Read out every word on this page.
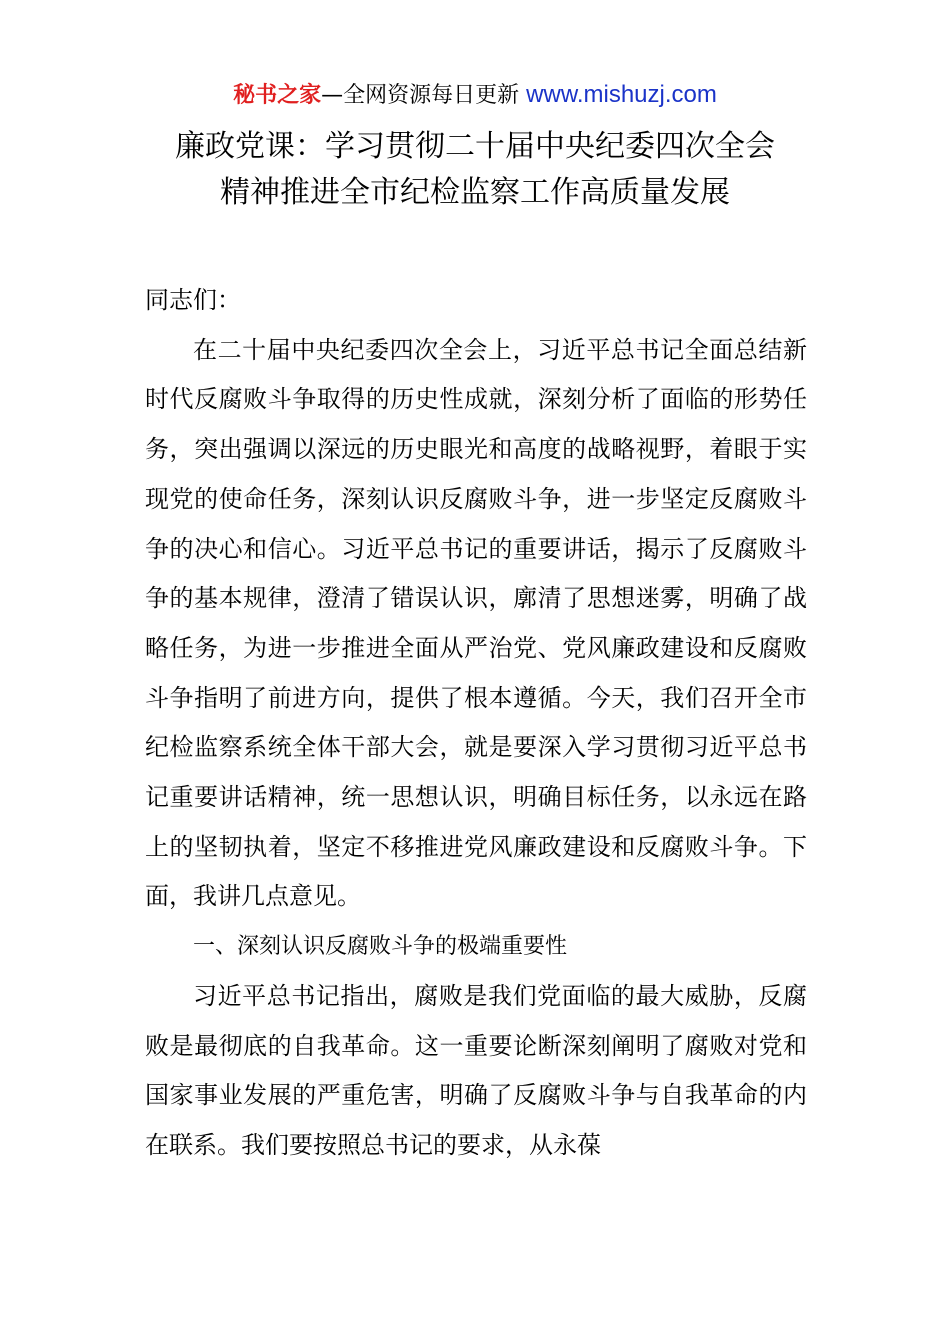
秘书之家—全网资源每日更新 www.mishuzj.com
廉政党课：学习贯彻二十届中央纪委四次全会
精神推进全市纪检监察工作高质量发展

同志们：

在二十届中央纪委四次全会上，习近平总书记全面总结新时代反腐败斗争取得的历史性成就，深刻分析了面临的形势任务，突出强调以深远的历史眼光和高度的战略视野，着眼于实现党的使命任务，深刻认识反腐败斗争，进一步坚定反腐败斗争的决心和信心。习近平总书记的重要讲话，揭示了反腐败斗争的基本规律，澄清了错误认识，廓清了思想迷雾，明确了战略任务，为进一步推进全面从严治党、党风廉政建设和反腐败斗争指明了前进方向，提供了根本遵循。今天，我们召开全市纪检监察系统全体干部大会，就是要深入学习贯彻习近平总书记重要讲话精神，统一思想认识，明确目标任务，以永远在路上的坚韧执着，坚定不移推进党风廉政建设和反腐败斗争。下面，我讲几点意见。

一、深刻认识反腐败斗争的极端重要性

习近平总书记指出，腐败是我们党面临的最大威胁，反腐败是最彻底的自我革命。这一重要论断深刻阐明了腐败对党和国家事业发展的严重危害，明确了反腐败斗争与自我革命的内在联系。我们要按照总书记的要求，从永葆
